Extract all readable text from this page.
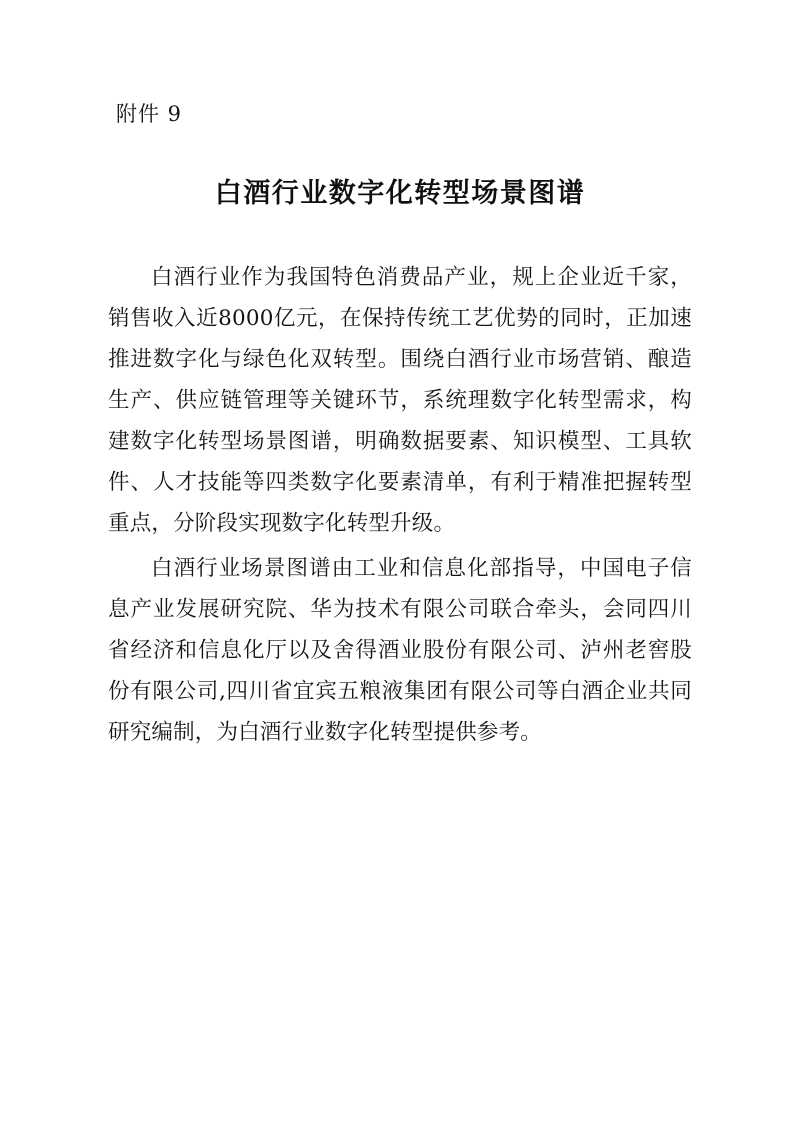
附件 9
白酒行业数字化转型场景图谱

白酒行业作为我国特色消费品产业，规上企业近千家，销售收入近8000亿元，在保持传统工艺优势的同时，正加速推进数字化与绿色化双转型。围绕白酒行业市场营销、酿造生产、供应链管理等关键环节，系统理数字化转型需求，构建数字化转型场景图谱，明确数据要素、知识模型、工具软件、人才技能等四类数字化要素清单，有利于精准把握转型重点，分阶段实现数字化转型升级。

白酒行业场景图谱由工业和信息化部指导，中国电子信息产业发展研究院、华为技术有限公司联合牵头，会同四川省经济和信息化厅以及舍得酒业股份有限公司、泸州老窖股份有限公司,四川省宜宾五粮液集团有限公司等白酒企业共同研究编制，为白酒行业数字化转型提供参考。
